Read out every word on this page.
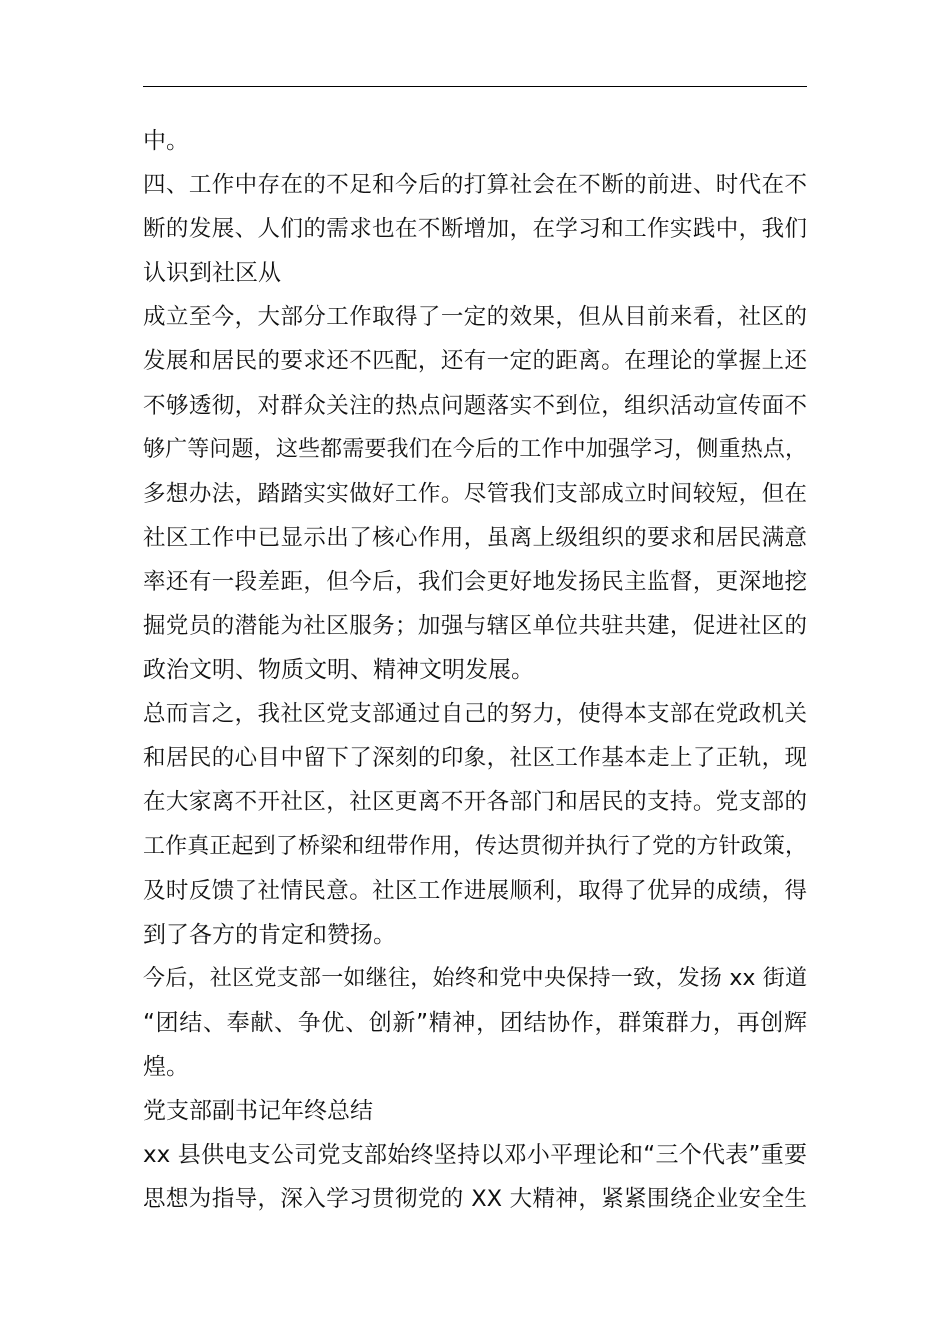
中。
四、工作中存在的不足和今后的打算社会在不断的前进、时代在不
断的发展、人们的需求也在不断增加，在学习和工作实践中，我们
认识到社区从
成立至今，大部分工作取得了一定的效果，但从目前来看，社区的
发展和居民的要求还不匹配，还有一定的距离。在理论的掌握上还
不够透彻，对群众关注的热点问题落实不到位，组织活动宣传面不
够广等问题，这些都需要我们在今后的工作中加强学习，侧重热点，
多想办法，踏踏实实做好工作。尽管我们支部成立时间较短，但在
社区工作中已显示出了核心作用，虽离上级组织的要求和居民满意
率还有一段差距，但今后，我们会更好地发扬民主监督，更深地挖
掘党员的潜能为社区服务；加强与辖区单位共驻共建，促进社区的
政治文明、物质文明、精神文明发展。
总而言之，我社区党支部通过自己的努力，使得本支部在党政机关
和居民的心目中留下了深刻的印象，社区工作基本走上了正轨，现
在大家离不开社区，社区更离不开各部门和居民的支持。党支部的
工作真正起到了桥梁和纽带作用，传达贯彻并执行了党的方针政策，
及时反馈了社情民意。社区工作进展顺利，取得了优异的成绩，得
到了各方的肯定和赞扬。
今后，社区党支部一如继往，始终和党中央保持一致，发扬 xx 街道
“团结、奉献、争优、创新”精神，团结协作，群策群力，再创辉
煌。
党支部副书记年终总结
xx 县供电支公司党支部始终坚持以邓小平理论和“三个代表”重要
思想为指导，深入学习贯彻党的 XX 大精神，紧紧围绕企业安全生
